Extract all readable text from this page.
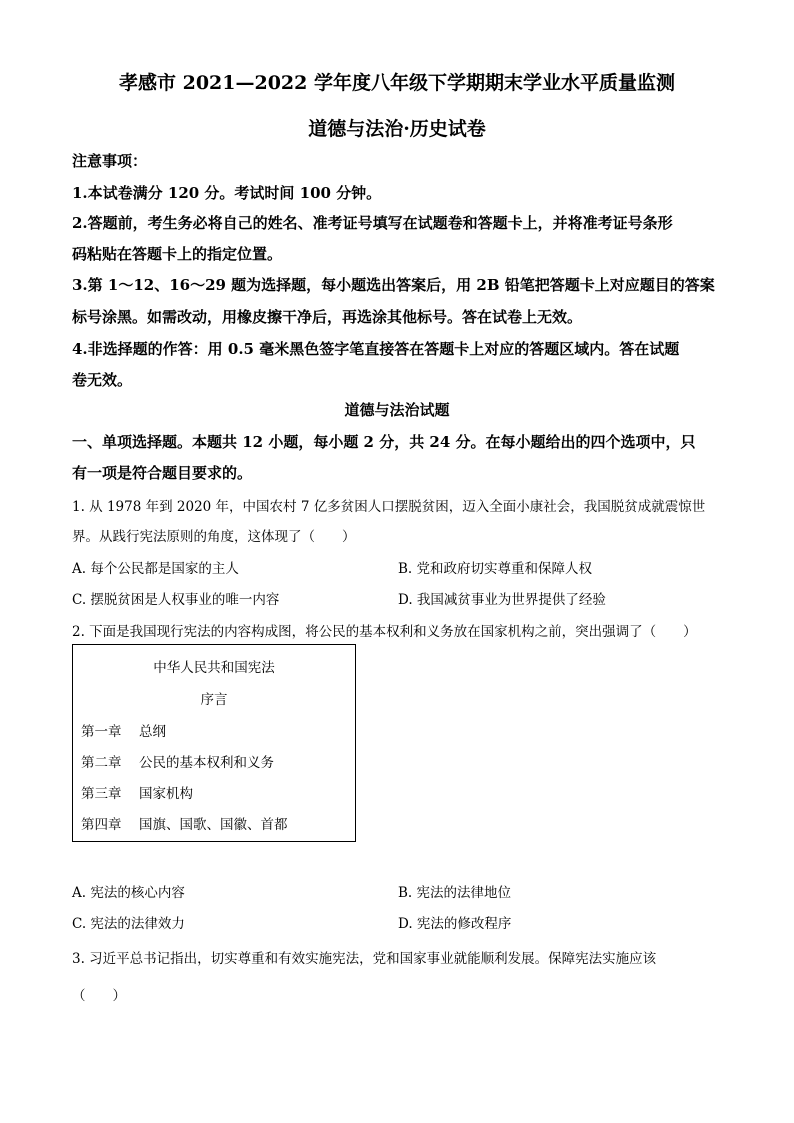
孝感市 2021—2022 学年度八年级下学期期末学业水平质量监测
道德与法治·历史试卷
注意事项：
1.本试卷满分 120 分。考试时间 100 分钟。
2.答题前，考生务必将自己的姓名、准考证号填写在试题卷和答题卡上，并将准考证号条形
码粘贴在答题卡上的指定位置。
3.第 1～12、16～29 题为选择题，每小题选出答案后，用 2B 铅笔把答题卡上对应题目的答案
标号涂黑。如需改动，用橡皮擦干净后，再选涂其他标号。答在试卷上无效。
4.非选择题的作答：用 0.5 毫米黑色签字笔直接答在答题卡上对应的答题区域内。答在试题
卷无效。
道德与法治试题
一、单项选择题。本题共 12 小题，每小题 2 分，共 24 分。在每小题给出的四个选项中，只
有一项是符合题目要求的。
1. 从 1978 年到 2020 年，中国农村 7 亿多贫困人口摆脱贫困，迈入全面小康社会，我国脱贫成就震惊世
界。从践行宪法原则的角度，这体现了（　　）
A. 每个公民都是国家的主人	B. 党和政府切实尊重和保障人权
C. 摆脱贫困是人权事业的唯一内容	D. 我国减贫事业为世界提供了经验
2. 下面是我国现行宪法的内容构成图，将公民的基本权利和义务放在国家机构之前，突出强调了（　　）
中华人民共和国宪法
序言
第一章 总纲
第二章 公民的基本权利和义务
第三章 国家机构
第四章 国旗、国歌、国徽、首都
A. 宪法的核心内容	B. 宪法的法律地位
C. 宪法的法律效力	D. 宪法的修改程序
3. 习近平总书记指出，切实尊重和有效实施宪法，党和国家事业就能顺利发展。保障宪法实施应该
（　　）
